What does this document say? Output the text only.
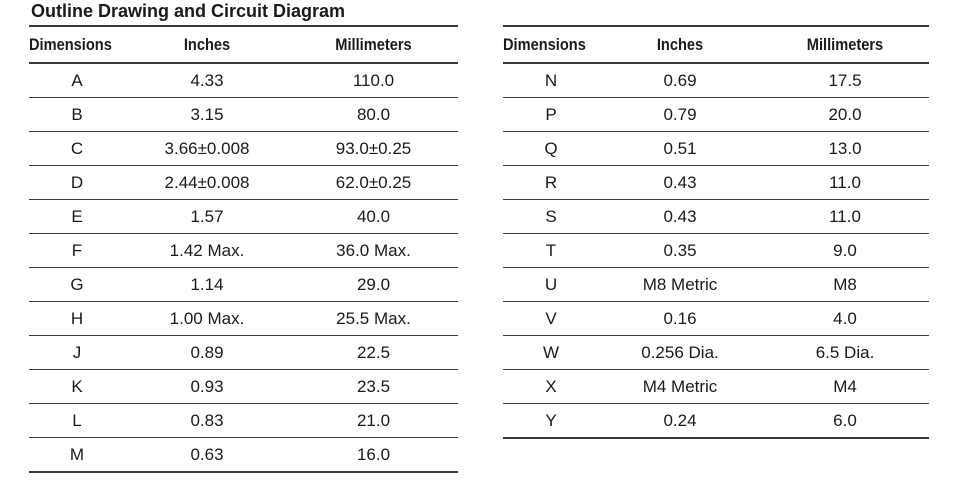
Outline Drawing and Circuit Diagram
Dimensions	Inches	Millimeters
A	4.33	110.0
B	3.15	80.0
C	3.66±0.008	93.0±0.25
D	2.44±0.008	62.0±0.25
E	1.57	40.0
F	1.42 Max.	36.0 Max.
G	1.14	29.0
H	1.00 Max.	25.5 Max.
J	0.89	22.5
K	0.93	23.5
L	0.83	21.0
M	0.63	16.0
Dimensions	Inches	Millimeters
N	0.69	17.5
P	0.79	20.0
Q	0.51	13.0
R	0.43	11.0
S	0.43	11.0
T	0.35	9.0
U	M8 Metric	M8
V	0.16	4.0
W	0.256 Dia.	6.5 Dia.
X	M4 Metric	M4
Y	0.24	6.0
